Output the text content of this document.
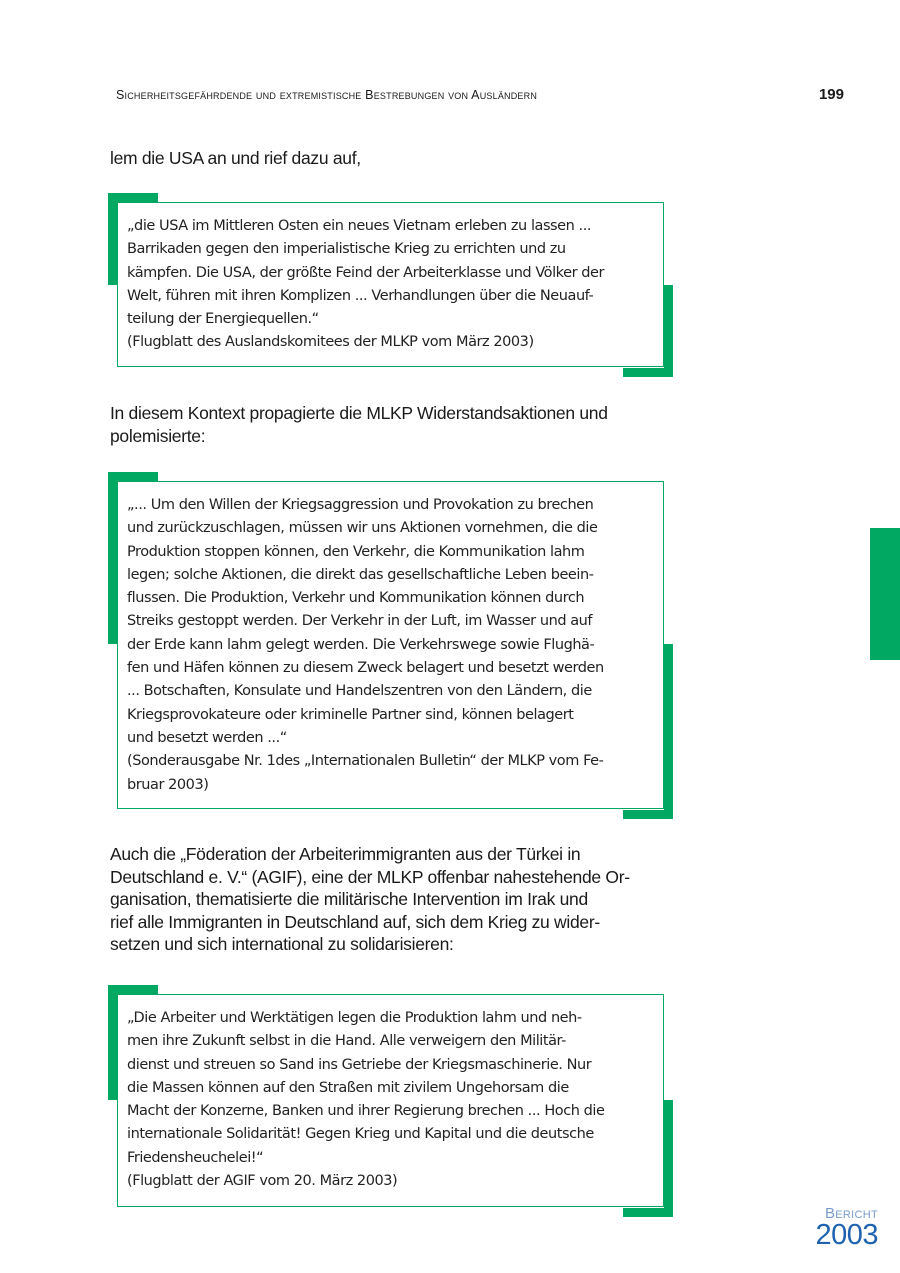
Sicherheitsgefährdende und extremistische Bestrebungen von Ausländern	199
lem die USA an und rief dazu auf,
„die USA im Mittleren Osten ein neues Vietnam erleben zu lassen ...
Barrikaden gegen den imperialistische Krieg zu errichten und zu
kämpfen. Die USA, der größte Feind der Arbeiterklasse und Völker der
Welt, führen mit ihren Komplizen ... Verhandlungen über die Neuauf-
teilung der Energiequellen.“
(Flugblatt des Auslandskomitees der MLKP vom März 2003)
In diesem Kontext propagierte die MLKP Widerstandsaktionen und
polemisierte:
„... Um den Willen der Kriegsaggression und Provokation zu brechen
und zurückzuschlagen, müssen wir uns Aktionen vornehmen, die die
Produktion stoppen können, den Verkehr, die Kommunikation lahm
legen; solche Aktionen, die direkt das gesellschaftliche Leben beein-
flussen. Die Produktion, Verkehr und Kommunikation können durch
Streiks gestoppt werden. Der Verkehr in der Luft, im Wasser und auf
der Erde kann lahm gelegt werden. Die Verkehrswege sowie Flughä-
fen und Häfen können zu diesem Zweck belagert und besetzt werden
... Botschaften, Konsulate und Handelszentren von den Ländern, die
Kriegsprovokateure oder kriminelle Partner sind, können belagert
und besetzt werden ...“
(Sonderausgabe Nr. 1des „Internationalen Bulletin“ der MLKP vom Fe-
bruar 2003)
Auch die „Föderation der Arbeiterimmigranten aus der Türkei in
Deutschland e. V.“ (AGIF), eine der MLKP offenbar nahestehende Or-
ganisation, thematisierte die militärische Intervention im Irak und
rief alle Immigranten in Deutschland auf, sich dem Krieg zu wider-
setzen und sich international zu solidarisieren:
„Die Arbeiter und Werktätigen legen die Produktion lahm und neh-
men ihre Zukunft selbst in die Hand. Alle verweigern den Militär-
dienst und streuen so Sand ins Getriebe der Kriegsmaschinerie. Nur
die Massen können auf den Straßen mit zivilem Ungehorsam die
Macht der Konzerne, Banken und ihrer Regierung brechen ... Hoch die
internationale Solidarität! Gegen Krieg und Kapital und die deutsche
Friedensheuchelei!“
(Flugblatt der AGIF vom 20. März 2003)
Bericht
2003
